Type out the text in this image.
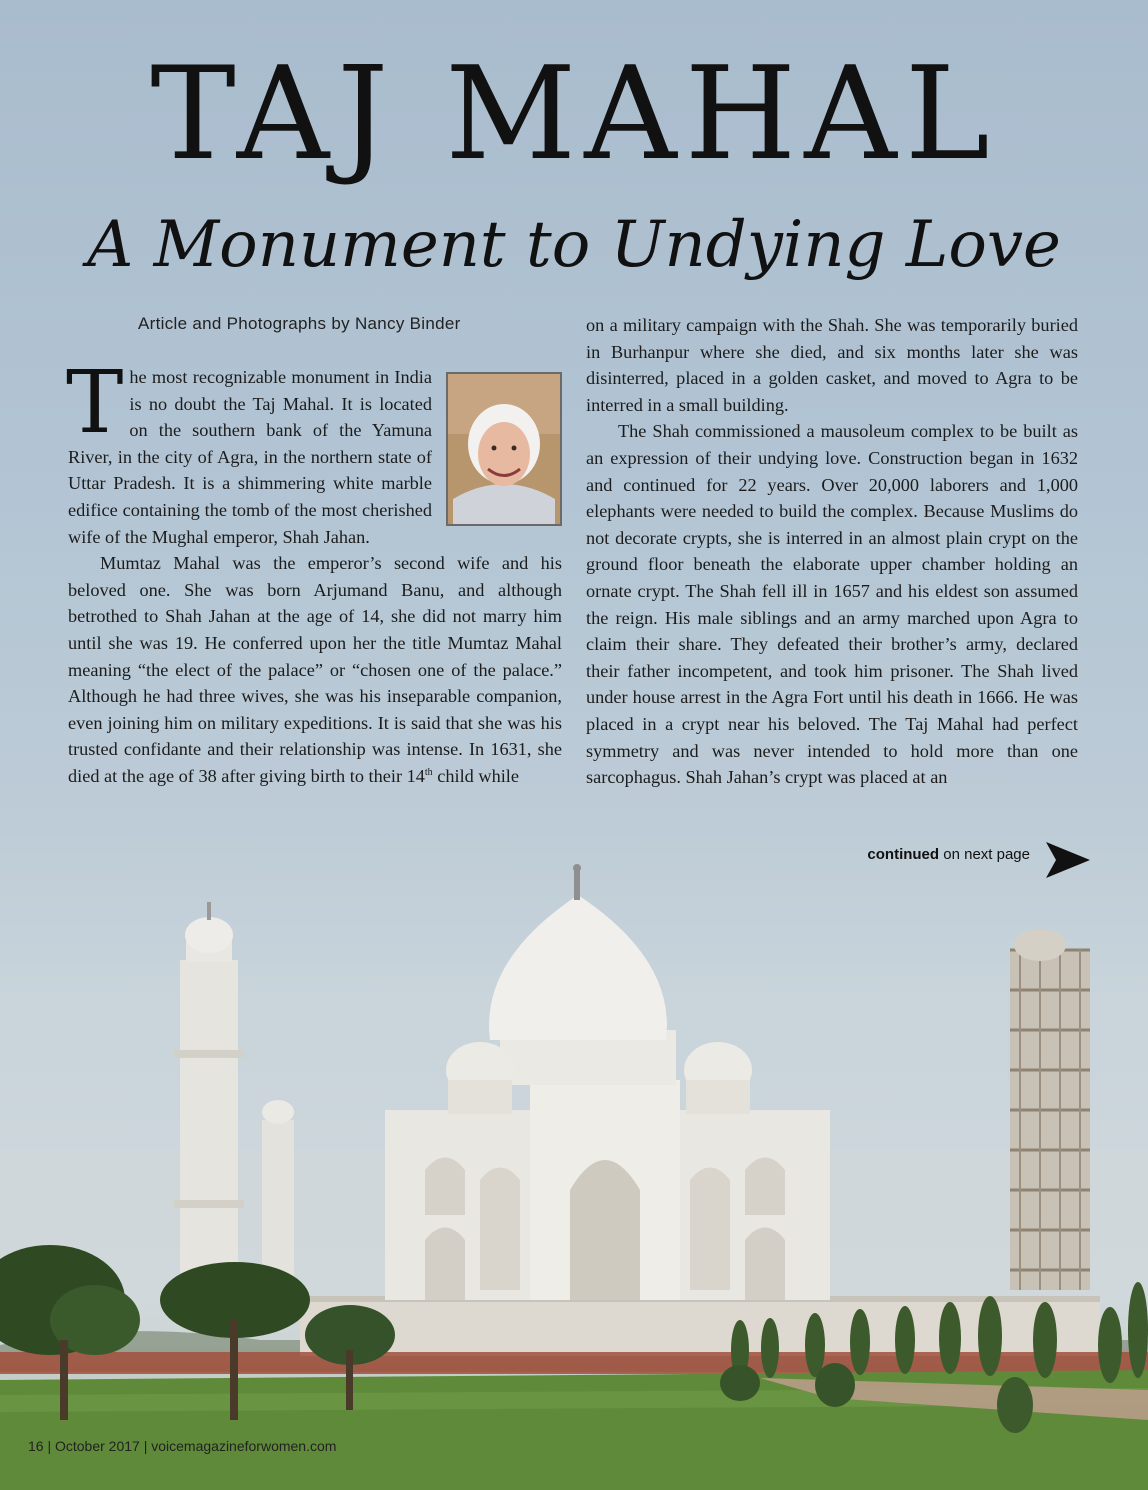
TAJ MAHAL
A Monument to Undying Love
Article and Photographs by Nancy Binder

The most recognizable monument in India is no doubt the Taj Mahal. It is located on the southern bank of the Yamuna River, in the city of Agra, in the northern state of Uttar Pradesh. It is a shimmering white marble edifice containing the tomb of the most cherished wife of the Mughal emperor, Shah Jahan.

Mumtaz Mahal was the emperor’s second wife and his beloved one. She was born Arjumand Banu, and although betrothed to Shah Jahan at the age of 14, she did not marry him until she was 19. He conferred upon her the title Mumtaz Mahal meaning “the elect of the palace” or “chosen one of the palace.” Although he had three wives, she was his inseparable companion, even joining him on military expeditions. It is said that she was his trusted confidante and their relationship was intense. In 1631, she died at the age of 38 after giving birth to their 14th child while

on a military campaign with the Shah. She was temporarily buried in Burhanpur where she died, and six months later she was disinterred, placed in a golden casket, and moved to Agra to be interred in a small building.

The Shah commissioned a mausoleum complex to be built as an expression of their undying love. Construction began in 1632 and continued for 22 years. Over 20,000 laborers and 1,000 elephants were needed to build the complex. Because Muslims do not decorate crypts, she is interred in an almost plain crypt on the ground floor beneath the elaborate upper chamber holding an ornate crypt. The Shah fell ill in 1657 and his eldest son assumed the reign. His male siblings and an army marched upon Agra to claim their share. They defeated their brother’s army, declared their father incompetent, and took him prisoner. The Shah lived under house arrest in the Agra Fort until his death in 1666. He was placed in a crypt near his beloved. The Taj Mahal had perfect symmetry and was never intended to hold more than one sarcophagus. Shah Jahan’s crypt was placed at an

continued on next page
16 | October 2017 | voicemagazineforwomen.com
